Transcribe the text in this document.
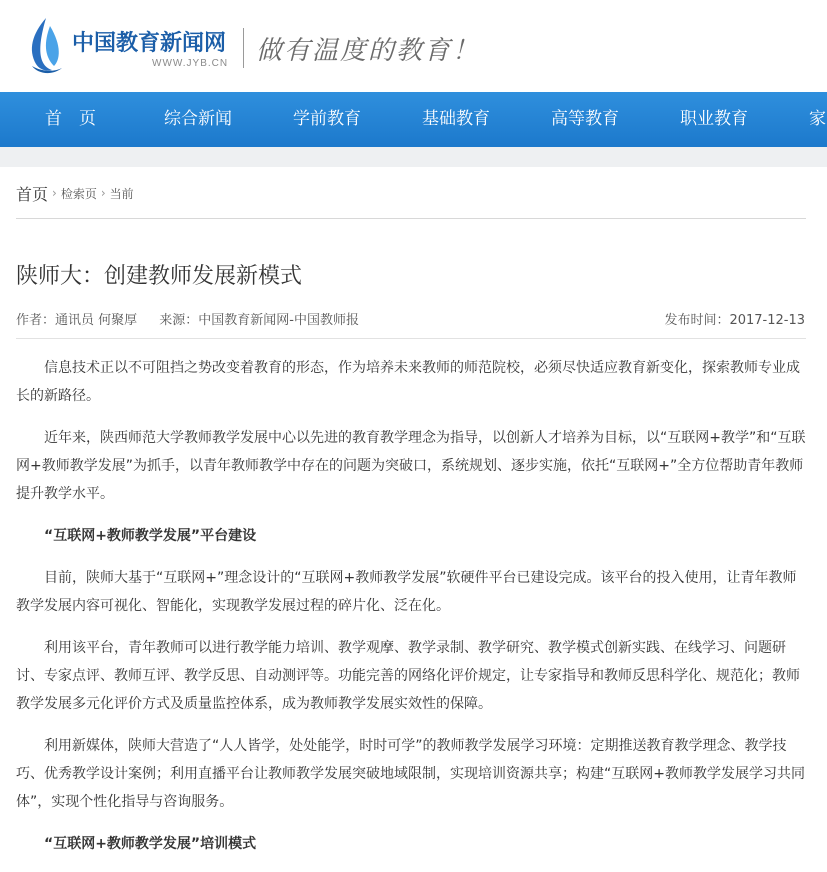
中国教育新闻网
WWW.JYB.CN 做有温度的教育！
首　页	综合新闻	学前教育	基础教育	高等教育	职业教育	家
首页 › 检索页 › 当前
陕师大：创建教师发展新模式
作者：通讯员 何聚厚 来源：中国教育新闻网-中国教师报	发布时间：2017-12-13

信息技术正以不可阻挡之势改变着教育的形态，作为培养未来教师的师范院校，必须尽快适应教育新变化，探索教师专业成长的新路径。

近年来，陕西师范大学教师教学发展中心以先进的教育教学理念为指导，以创新人才培养为目标，以“互联网+教学”和“互联网+教师教学发展”为抓手，以青年教师教学中存在的问题为突破口，系统规划、逐步实施，依托“互联网+”全方位帮助青年教师提升教学水平。

“互联网+教师教学发展”平台建设

目前，陕师大基于“互联网+”理念设计的“互联网+教师教学发展”软硬件平台已建设完成。该平台的投入使用，让青年教师教学发展内容可视化、智能化，实现教学发展过程的碎片化、泛在化。

利用该平台，青年教师可以进行教学能力培训、教学观摩、教学录制、教学研究、教学模式创新实践、在线学习、问题研讨、专家点评、教师互评、教学反思、自动测评等。功能完善的网络化评价规定，让专家指导和教师反思科学化、规范化；教师教学发展多元化评价方式及质量监控体系，成为教师教学发展实效性的保障。

利用新媒体，陕师大营造了“人人皆学，处处能学，时时可学”的教师教学发展学习环境：定期推送教育教学理念、教学技巧、优秀教学设计案例；利用直播平台让教师教学发展突破地域限制，实现培训资源共享；构建“互联网+教师教学发展学习共同体”，实现个性化指导与咨询服务。

“互联网+教师教学发展”培训模式
